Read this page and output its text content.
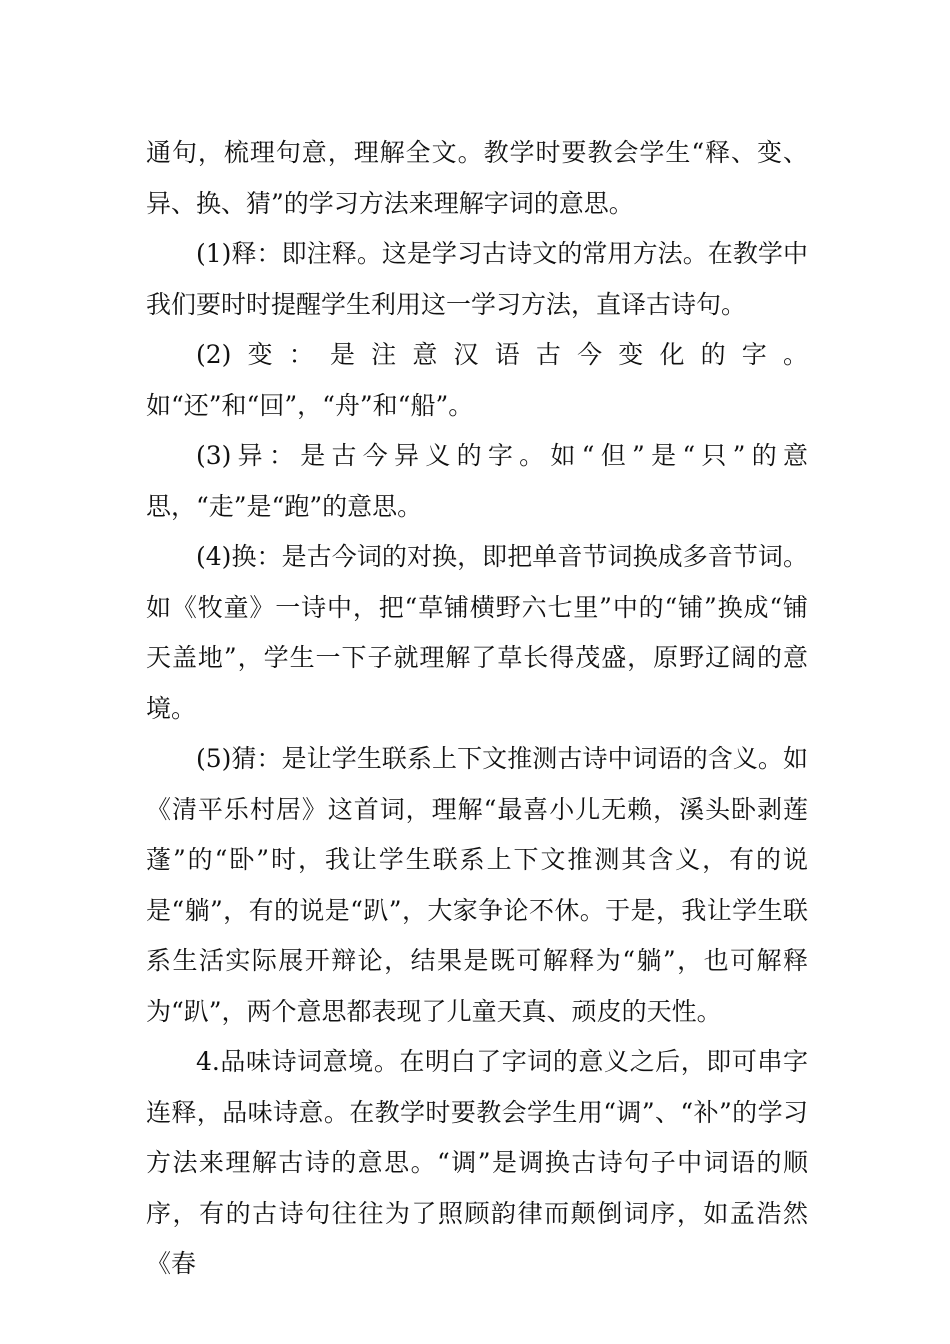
通句，梳理句意，理解全文。教学时要教会学生“释、变、异、换、猜”的学习方法来理解字词的意思。

(1)释：即注释。这是学习古诗文的常用方法。在教学中我们要时时提醒学生利用这一学习方法，直译古诗句。

(2)变：是注意汉语古今变化的字。如“还”和“回”，“舟”和“船”。

(3)异：是古今异义的字。如“但”是“只”的意思，“走”是“跑”的意思。

(4)换：是古今词的对换，即把单音节词换成多音节词。如《牧童》一诗中，把“草铺横野六七里”中的“铺”换成“铺天盖地”，学生一下子就理解了草长得茂盛，原野辽阔的意境。

(5)猜：是让学生联系上下文推测古诗中词语的含义。如《清平乐村居》这首词，理解“最喜小儿无赖，溪头卧剥莲蓬”的“卧”时，我让学生联系上下文推测其含义，有的说是“躺”，有的说是“趴”，大家争论不休。于是，我让学生联系生活实际展开辩论，结果是既可解释为“躺”，也可解释为“趴”，两个意思都表现了儿童天真、顽皮的天性。

4.品味诗词意境。在明白了字词的意义之后，即可串字连释，品味诗意。在教学时要教会学生用“调”、“补”的学习方法来理解古诗的意思。“调”是调换古诗句子中词语的顺序，有的古诗句往往为了照顾韵律而颠倒词序，如孟浩然《春
